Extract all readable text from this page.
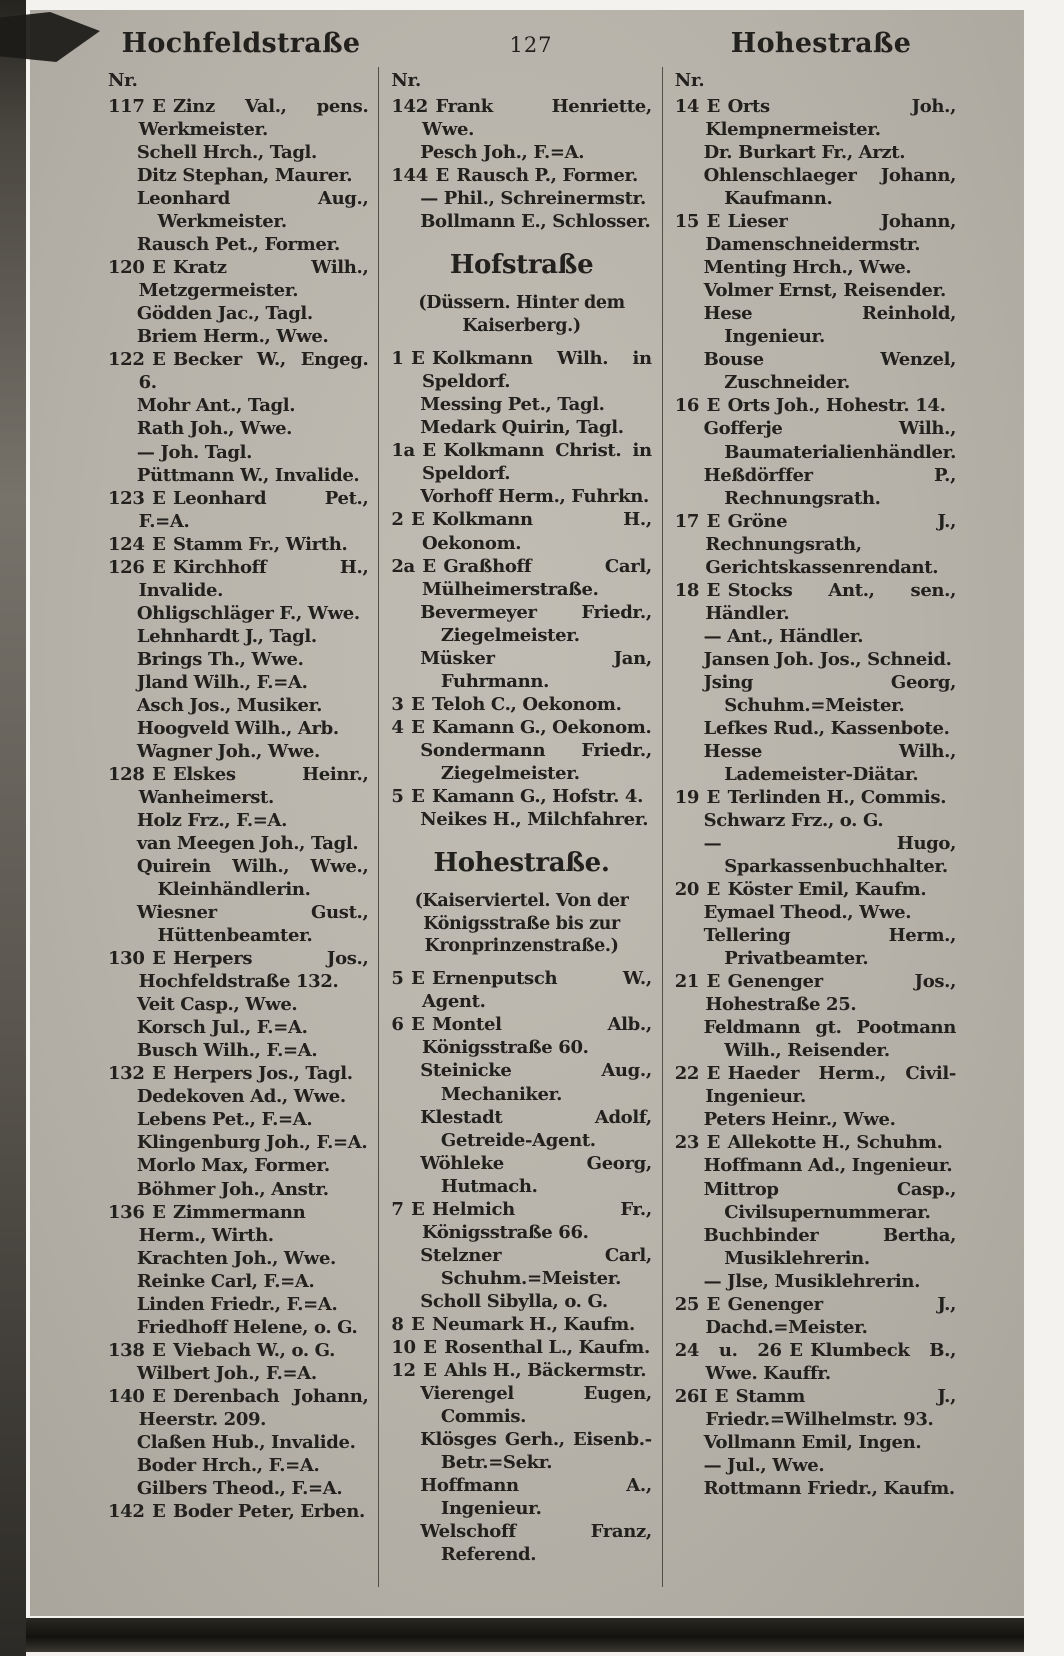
Hochfeldstraße	127	Hohestraße
Nr.
117 E Zinz Val., pens. Werkmeister.
Schell Hrch., Tagl.
Ditz Stephan, Maurer.
Leonhard Aug., Werkmeister.
Rausch Pet., Former.
120 E Kratz Wilh., Metzgermeister.
Gödden Jac., Tagl.
Briem Herm., Wwe.
122 E Becker W., Engeg. 6.
Mohr Ant., Tagl.
Rath Joh., Wwe.
— Joh. Tagl.
Püttmann W., Invalide.
123 E Leonhard Pet., F.=A.
124 E Stamm Fr., Wirth.
126 E Kirchhoff H., Invalide.
Ohligschläger F., Wwe.
Lehnhardt J., Tagl.
Brings Th., Wwe.
Jland Wilh., F.=A.
Asch Jos., Musiker.
Hoogveld Wilh., Arb.
Wagner Joh., Wwe.
128 E Elskes Heinr., Wanheimerst.
Holz Frz., F.=A.
van Meegen Joh., Tagl.
Quirein Wilh., Wwe., Kleinhändlerin.
Wiesner Gust., Hüttenbeamter.
130 E Herpers Jos., Hochfeldstraße 132.
Veit Casp., Wwe.
Korsch Jul., F.=A.
Busch Wilh., F.=A.
132 E Herpers Jos., Tagl.
Dedekoven Ad., Wwe.
Lebens Pet., F.=A.
Klingenburg Joh., F.=A.
Morlo Max, Former.
Böhmer Joh., Anstr.
136 E Zimmermann Herm., Wirth.
Krachten Joh., Wwe.
Reinke Carl, F.=A.
Linden Friedr., F.=A.
Friedhoff Helene, o. G.
138 E Viebach W., o. G.
Wilbert Joh., F.=A.
140 E Derenbach Johann, Heerstr. 209.
Claßen Hub., Invalide.
Boder Hrch., F.=A.
Gilbers Theod., F.=A.
142 E Boder Peter, Erben.
Nr.
142 Frank Henriette, Wwe.
Pesch Joh., F.=A.
144 E Rausch P., Former.
— Phil., Schreinermstr.
Bollmann E., Schlosser.
Hofstraße
(Düssern. Hinter dem Kaiserberg.)
1 E Kolkmann Wilh. in Speldorf.
Messing Pet., Tagl.
Medark Quirin, Tagl.
1a E Kolkmann Christ. in Speldorf.
Vorhoff Herm., Fuhrkn.
2 E Kolkmann H., Oekonom.
2a E Graßhoff Carl, Mülheimerstraße.
Bevermeyer Friedr., Ziegelmeister.
Müsker Jan, Fuhrmann.
3 E Teloh C., Oekonom.
4 E Kamann G., Oekonom.
Sondermann Friedr., Ziegelmeister.
5 E Kamann G., Hofstr. 4.
Neikes H., Milchfahrer.
Hohestraße.
(Kaiserviertel. Von der Königsstraße bis zur Kronprinzenstraße.)
5 E Ernenputsch W., Agent.
6 E Montel Alb., Königsstraße 60.
Steinicke Aug., Mechaniker.
Klestadt Adolf, Getreide-Agent.
Wöhleke Georg, Hutmach.
7 E Helmich Fr., Königsstraße 66.
Stelzner Carl, Schuhm.=Meister.
Scholl Sibylla, o. G.
8 E Neumark H., Kaufm.
10 E Rosenthal L., Kaufm.
12 E Ahls H., Bäckermstr.
Vierengel Eugen, Commis.
Klösges Gerh., Eisenb.-Betr.=Sekr.
Hoffmann A., Ingenieur.
Welschoff Franz, Referend.
Nr.
14 E Orts Joh., Klempnermeister.
Dr. Burkart Fr., Arzt.
Ohlenschlaeger Johann, Kaufmann.
15 E Lieser Johann, Damenschneidermstr.
Menting Hrch., Wwe.
Volmer Ernst, Reisender.
Hese Reinhold, Ingenieur.
Bouse Wenzel, Zuschneider.
16 E Orts Joh., Hohestr. 14.
Gofferje Wilh., Baumaterialienhändler.
Heßdörffer P., Rechnungsrath.
17 E Gröne J., Rechnungsrath, Gerichtskassenrendant.
18 E Stocks Ant., sen., Händler.
— Ant., Händler.
Jansen Joh. Jos., Schneid.
Jsing Georg, Schuhm.=Meister.
Lefkes Rud., Kassenbote.
Hesse Wilh., Lademeister-Diätar.
19 E Terlinden H., Commis.
Schwarz Frz., o. G.
— Hugo, Sparkassenbuchhalter.
20 E Köster Emil, Kaufm.
Eymael Theod., Wwe.
Tellering Herm., Privatbeamter.
21 E Genenger Jos., Hohestraße 25.
Feldmann gt. Pootmann Wilh., Reisender.
22 E Haeder Herm., Civil-Ingenieur.
Peters Heinr., Wwe.
23 E Allekotte H., Schuhm.
Hoffmann Ad., Ingenieur.
Mittrop Casp., Civilsupernummerar.
Buchbinder Bertha, Musiklehrerin.
— Jlse, Musiklehrerin.
25 E Genenger J., Dachd.=Meister.
24 u. 26 E Klumbeck B., Wwe. Kauffr.
26I E Stamm J., Friedr.=Wilhelmstr. 93.
Vollmann Emil, Ingen.
— Jul., Wwe.
Rottmann Friedr., Kaufm.
